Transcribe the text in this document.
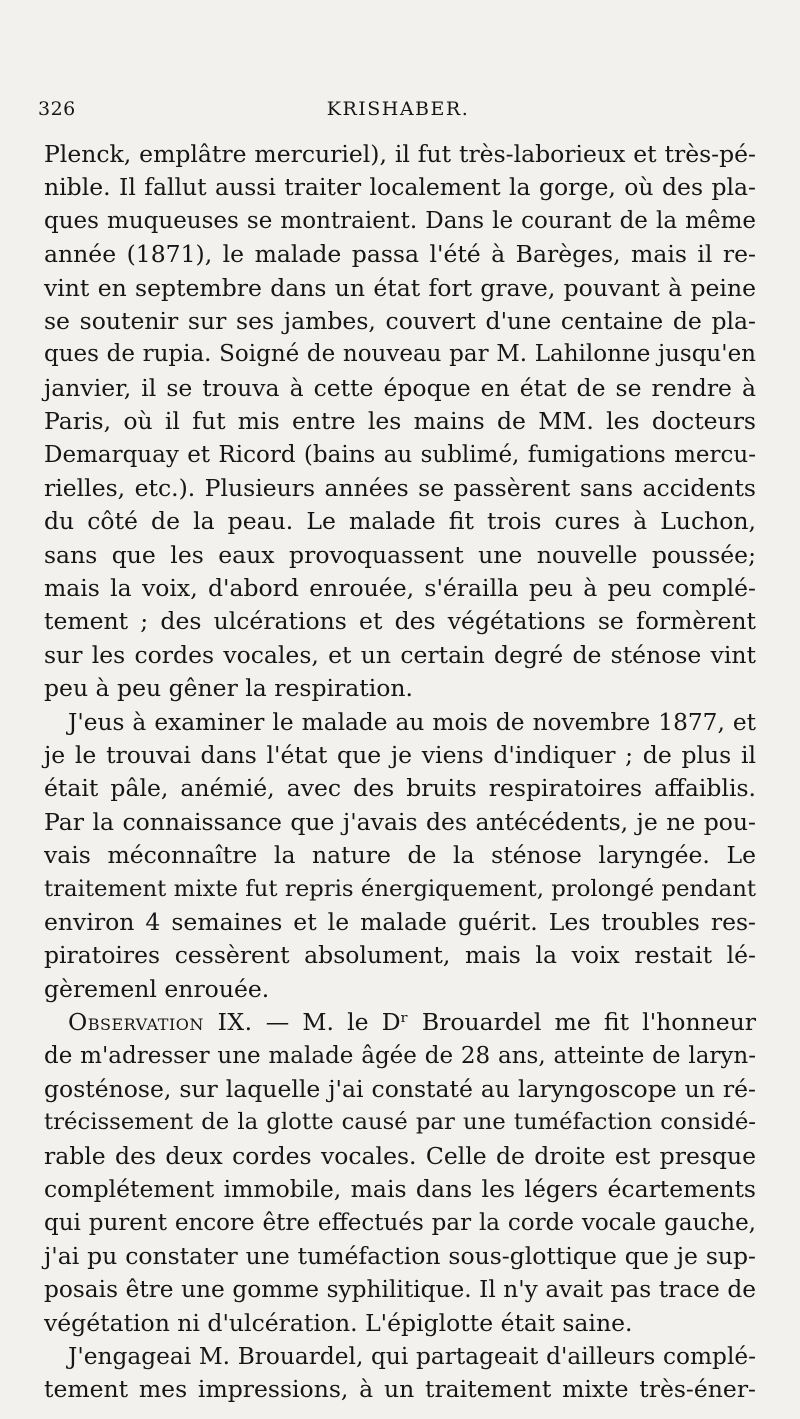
326	KRISHABER.
Plenck, emplâtre mercuriel), il fut très-laborieux et très-pé-
nible. Il fallut aussi traiter localement la gorge, où des pla-
ques muqueuses se montraient. Dans le courant de la même
année (1871), le malade passa l'été à Barèges, mais il re-
vint en septembre dans un état fort grave, pouvant à peine
se soutenir sur ses jambes, couvert d'une centaine de pla-
ques de rupia. Soigné de nouveau par M. Lahilonne jusqu'en
janvier, il se trouva à cette époque en état de se rendre à
Paris, où il fut mis entre les mains de MM. les docteurs
Demarquay et Ricord (bains au sublimé, fumigations mercu-
rielles, etc.). Plusieurs années se passèrent sans accidents
du côté de la peau. Le malade fit trois cures à Luchon,
sans que les eaux provoquassent une nouvelle poussée;
mais la voix, d'abord enrouée, s'érailla peu à peu complé-
tement ; des ulcérations et des végétations se formèrent
sur les cordes vocales, et un certain degré de sténose vint
peu à peu gêner la respiration.
J'eus à examiner le malade au mois de novembre 1877, et
je le trouvai dans l'état que je viens d'indiquer ; de plus il
était pâle, anémié, avec des bruits respiratoires affaiblis.
Par la connaissance que j'avais des antécédents, je ne pou-
vais méconnaître la nature de la sténose laryngée. Le
traitement mixte fut repris énergiquement, prolongé pendant
environ 4 semaines et le malade guérit. Les troubles res-
piratoires cessèrent absolument, mais la voix restait lé-
gèremenl enrouée.
Observation IX. — M. le Dʳ Brouardel me fit l'honneur
de m'adresser une malade âgée de 28 ans, atteinte de laryn-
gosténose, sur laquelle j'ai constaté au laryngoscope un ré-
trécissement de la glotte causé par une tuméfaction considé-
rable des deux cordes vocales. Celle de droite est presque
complétement immobile, mais dans les légers écartements
qui purent encore être effectués par la corde vocale gauche,
j'ai pu constater une tuméfaction sous-glottique que je sup-
posais être une gomme syphilitique. Il n'y avait pas trace de
végétation ni d'ulcération. L'épiglotte était saine.
J'engageai M. Brouardel, qui partageait d'ailleurs complé-
tement mes impressions, à un traitement mixte très-éner-
